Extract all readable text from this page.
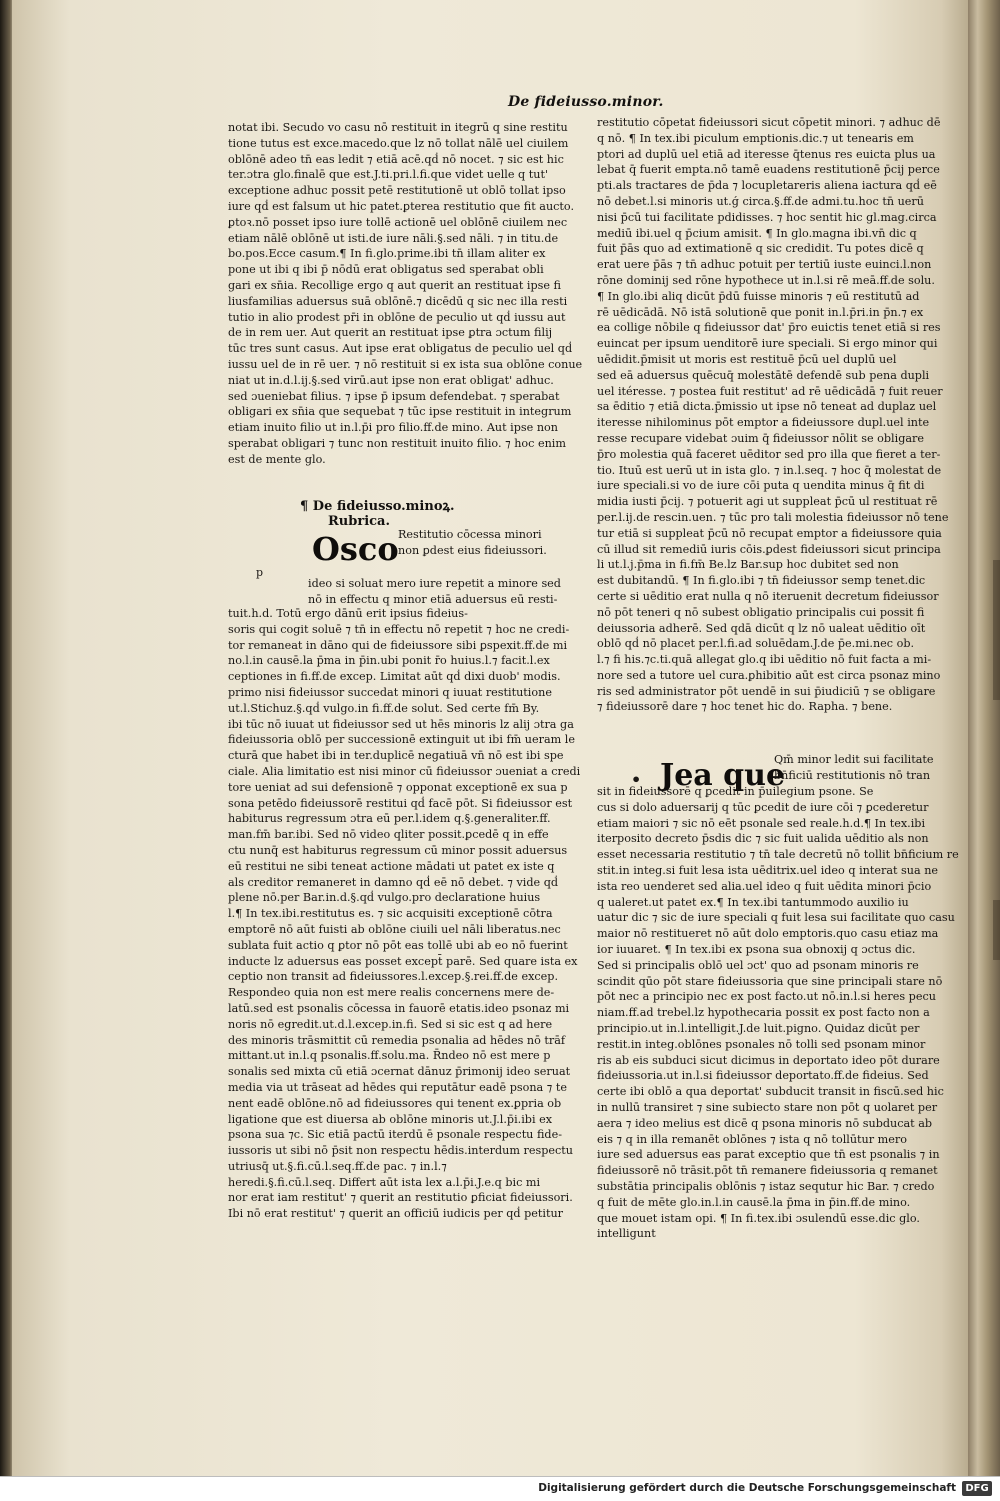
De fideiusso.minor.

notat ibi. Secudo vo casu nō restituit in itegrū q sine restitu

tione tutus est exce.macedo.que lz nō tollat nālē uel ciuilem

oblōnē adeo tn̄ eas ledit ⁊ etiā acē.qḋ nō nocet. ⁊ sic est hic

ter.ɔtra glo.finalē que est.J.ti.pri.l.fi.que videt uelle q tut'

exceptione adhuc possit petē restitutionē ut oblō tollat ipso

iure qḋ est falsum ut hic patet.ꝑterea restitutio que fit aucto.

ꝑtoꝛ.nō posset ipso iure tollē actionē uel oblōnē ciuilem nec

etiam nālē oblōnē ut isti.de iure nāli.§.sed nāli. ⁊ in titu.de

bo.pos.Ecce casum.¶ In fi.glo.prime.ibi tn̄ illam aliter ex

pone ut ibi q ibi p̄ nōdū erat obligatus sed sperabat obli

gari ex sn̄ia. Recollige ergo q aut querit an restituat ipse fi

liusfamilias aduersus suā oblōnē.⁊ dicēdū q sic nec illa resti

tutio in alio prodest pr̄i in oblōne de peculio ut qḋ iussu aut

de in rem uer. Aut querit an restituat ipse ꝑtra ɔctum filij

tūc tres sunt casus. Aut ipse erat obligatus de peculio uel qḋ

iussu uel de in rē uer. ⁊ nō restituit si ex ista sua oblōne conue

niat ut in.d.l.ij.§.sed virū.aut ipse non erat obligat' adhuc.

sed ɔueniebat filius. ⁊ ipse p̄ ipsum defendebat. ⁊ sperabat

obligari ex sn̄ia que sequebat ⁊ tūc ipse restituit in integrum

etiam inuito filio ut in.l.p̄i pro filio.ff.de mino. Aut ipse non

sperabat obligari ⁊ tunc non restituit inuito filio. ⁊ hoc enim

est de mente glo.

¶ De fideiusso.minoꝝ. Rubrica.
Osco
p

Restitutio cōcessa minori

non ꝑdest eius fideiussori.

ideo si soluat mero iure repetit a minore sed

nō in effectu q minor etiā aduersus eū resti-

tuit.h.d. Totū ergo dānū erit ipsius fideius-

soris qui cogit soluē ⁊ tn̄ in effectu nō repetit ⁊ hoc ne credi-

tor remaneat in dāno qui de fideiussore sibi ꝑspexit.ff.de mi

no.l.in causē.la p̄ma in p̄in.ubi ponit r̄o huius.l.⁊ facit.l.ex

ceptiones in fi.ff.de excep. Limitat aūt qḋ dixi duob' modis.

primo nisi fideiussor succedat minori q iuuat restitutione

ut.l.Stichuz.§.qḋ vulgo.in fi.ff.de solut. Sed certe fm̄ By.

ibi tūc nō iuuat ut fideiussor sed ut hēs minoris lz alij ɔtra ga

fideiussoria oblō per successionē extinguit ut ibi fm̄ ueram le

cturā que habet ibi in ter.duplicē negatiuā vn̄ nō est ibi spe

ciale. Alia limitatio est nisi minor cū fideiussor ɔueniat a credi

tore ueniat ad sui defensionē ⁊ opponat exceptionē ex sua p

sona petēdo fideiussorē restitui qḋ facē pōt. Si fideiussor est

habiturus regressum ɔtra eū per.l.idem q.§.generaliter.ff.

man.fm̄ bar.ibi. Sed nō video qliter possit.ꝑcedē q in effe

ctu nunq̄ est habiturus regressum cū minor possit aduersus

eū restitui ne sibi teneat actione mādati ut patet ex iste q

als creditor remaneret in damno qḋ eē nō debet. ⁊ vide qḋ

plene nō.per Bar.in.d.§.qḋ vulgo.pro declaratione huius

l.¶ In tex.ibi.restitutus es. ⁊ sic acquisiti exceptionē cōtra

emptorē nō aūt fuisti ab oblōne ciuili uel nāli liberatus.nec

sublata fuit actio q ꝑtor nō pōt eas tollē ubi ab eo nō fuerint

inducte lz aduersus eas posset except̄ parē. Sed quare ista ex

ceptio non transit ad fideiussores.l.excep.§.rei.ff.de excep.

Respondeo quia non est mere realis concernens mere de-

latū.sed est psonalis cōcessa in fauorē etatis.ideo psonaz mi

noris nō egredit.ut.d.l.excep.in.fi. Sed si sic est q ad here

des minoris trāsmittit cū remedia psonalia ad hēdes nō trāf

mittant.ut in.l.q psonalis.ff.solu.ma. R̄ndeo nō est mere p

sonalis sed mixta cū etiā ɔcernat dānuz p̄rimonij ideo seruat

media via ut trāseat ad hēdes qui reputātur eadē psona ⁊ te

nent eadē oblōne.nō ad fideiussores qui tenent ex.ꝑpria ob

ligatione que est diuersa ab oblōne minoris ut.J.l.p̄i.ibi ex

psona sua ⁊c. Sic etiā pactū iterdū ē psonale respectu fide-

iussoris ut sibi nō p̄sit non respectu hēdis.interdum respectu

utriusq̄ ut.§.fi.cū.l.seq.ff.de pac. ⁊ in.l.⁊

heredi.§.fi.cū.l.seq. Differt aūt ista lex a.l.p̄i.J.e.q bic mi

nor erat iam restitut' ⁊ querit an restitutio ꝑficiat fideiussori.

Ibi nō erat restitut' ⁊ querit an officiū iudicis per qḋ petitur

restitutio cōpetat fideiussori sicut cōpetit minori. ⁊ adhuc dē

q nō. ¶ In tex.ibi piculum emptionis.dic.⁊ ut tenearis em

ptori ad duplū uel etiā ad iteresse q̄tenus res euicta plus ua

lebat q̄ fuerit empta.nō tamē euadens restitutionē p̄cij perce

pti.als tractares de p̄da ⁊ locupletareris aliena iactura qḋ eē

nō debet.l.si minoris ut.ǵ circa.§.ff.de admi.tu.hoc tn̄ uerū

nisi p̄cū tui facilitate pdidisses. ⁊ hoc sentit hic gl.mag.circa

mediū ibi.uel q p̄cium amisit. ¶ In glo.magna ibi.vn̄ dic q

fuit p̄ās quo ad extimationē q sic credidit. Tu potes dicē q

erat uere p̄ās ⁊ tn̄ adhuc potuit per tertiū iuste euinci.l.non

rōne dominij sed rōne hypothece ut in.l.si rē meā.ff.de solu.

¶ In glo.ibi aliq dicūt p̄dū fuisse minoris ⁊ eū restitutū ad

rē uēdicādā. Nō istā solutionē que ponit in.l.p̄ri.in p̄n.⁊ ex

ea collige nōbile q fideiussor dat' p̄ro euictis tenet etiā si res

euincat per ipsum uenditorē iure speciali. Si ergo minor qui

uēdidit.p̄misit ut moris est restituē p̄cū uel duplū uel

sed eā aduersus quēcuq̄ molestātē defendē sub pena dupli

uel itéresse. ⁊ postea fuit restitut' ad rē uēdicādā ⁊ fuit reuer

sa ēditio ⁊ etiā dicta.p̄missio ut ipse nō teneat ad duplaz uel

iteresse nihilominus pōt emptor a fideiussore dupl.uel inte

resse recupare videbat ɔuim q̄ fideiussor nōlit se obligare

p̄ro molestia quā faceret uēditor sed pro illa que fieret a ter-

tio. Ituū est uerū ut in ista glo. ⁊ in.l.seq. ⁊ hoc q̄ molestat de

iure speciali.si vo de iure cōi puta q uendita minus q̄ fit di

midia iusti p̄cij. ⁊ potuerit agi ut suppleat p̄cū ul restituat rē

per.l.ij.de rescin.uen. ⁊ tūc pro tali molestia fideiussor nō tene

tur etiā si suppleat p̄cū nō recupat emptor a fideiussore quia

cū illud sit remediū iuris cōis.ꝑdest fideiussori sicut principa

li ut.l.j.p̄ma in fi.fm̄ Be.lz Bar.sup hoc dubitet sed non

est dubitandū. ¶ In fi.glo.ibi ⁊ tn̄ fideiussor semp tenet.dic

certe si uēditio erat nulla q nō iteruenit decretum fideiussor

nō pōt teneri q nō subest obligatio principalis cui possit fi

deiussoria adherē. Sed qdā dicūt q lz nō ualeat uēditio oīt

oblō qḋ nō placet per.l.fi.ad soluēdam.J.de p̄e.mi.nec ob.

l.⁊ fi his.⁊c.ti.quā allegat glo.q ibi uēditio nō fuit facta a mi-

nore sed a tutore uel cura.ꝑhibitio aūt est circa psonaz mino

ris sed administrator pōt uendē in sui p̄iudiciū ⁊ se obligare

⁊ fideiussorē dare ⁊ hoc tenet hic do. Rapha. ⁊ bene.

Jea que
•

Qm̄ minor ledit sui facilitate

bn̄ficiū restitutionis nō tran

sit in fideiussorē q ꝑcedit in p̄uilegium psone. Se

cus si dolo aduersarij q tūc ꝑcedit de iure cōi ⁊ ꝑcederetur

etiam maiori ⁊ sic nō eēt psonale sed reale.h.d.¶ In tex.ibi

iterposito decreto p̄sdis dic ⁊ sic fuit ualida uēditio als non

esset necessaria restitutio ⁊ tn̄ tale decretū nō tollit bn̄ficium re

stit.in integ.si fuit lesa ista uēditrix.uel ideo q interat sua ne

ista reo uenderet sed alia.uel ideo q fuit uēdita minori p̄cio

q ualeret.ut patet ex.¶ In tex.ibi tantummodo auxilio iu

uatur dic ⁊ sic de iure speciali q fuit lesa sui facilitate quo casu

maior nō restitueret nō aūt dolo emptoris.quo casu etiaz ma

ior iuuaret. ¶ In tex.ibi ex psona sua obnoxij q ɔctus dic.

Sed si principalis oblō uel ɔct' quo ad psonam minoris re

scindit qūo pōt stare fideiussoria que sine principali stare nō

pōt nec a principio nec ex post facto.ut nō.in.l.si heres pecu

niam.ff.ad trebel.lz hypothecaria possit ex post facto non a

principio.ut in.l.intelligit.J.de luit.pigno. Quidaz dicūt per

restit.in integ.oblōnes psonales nō tolli sed psonam minor

ris ab eis subduci sicut dicimus in deportato ideo pōt durare

fideiussoria.ut in.l.si fideiussor deportato.ff.de fideius. Sed

certe ibi oblō a qua deportat' subducit transit in fiscū.sed hic

in nullū transiret ⁊ sine subiecto stare non pōt q uolaret per

aera ⁊ ideo melius est dicē q psona minoris nō subducat ab

eis ⁊ q in illa remanēt oblōnes ⁊ ista q nō tollūtur mero

iure sed aduersus eas parat exceptio que tn̄ est psonalis ⁊ in

fideiussorē nō trāsit.pōt tn̄ remanere fideiussoria q remanet

substātia principalis oblōnis ⁊ istaz sequtur hic Bar. ⁊ credo

q fuit de mēte glo.in.l.in causē.la p̄ma in p̄in.ff.de mino.

que mouet istam opi. ¶ In fi.tex.ibi ɔsulendū esse.dic glo.

intelligunt

Digitalisierung gefördert durch die Deutsche Forschungsgemeinschaft DFG
